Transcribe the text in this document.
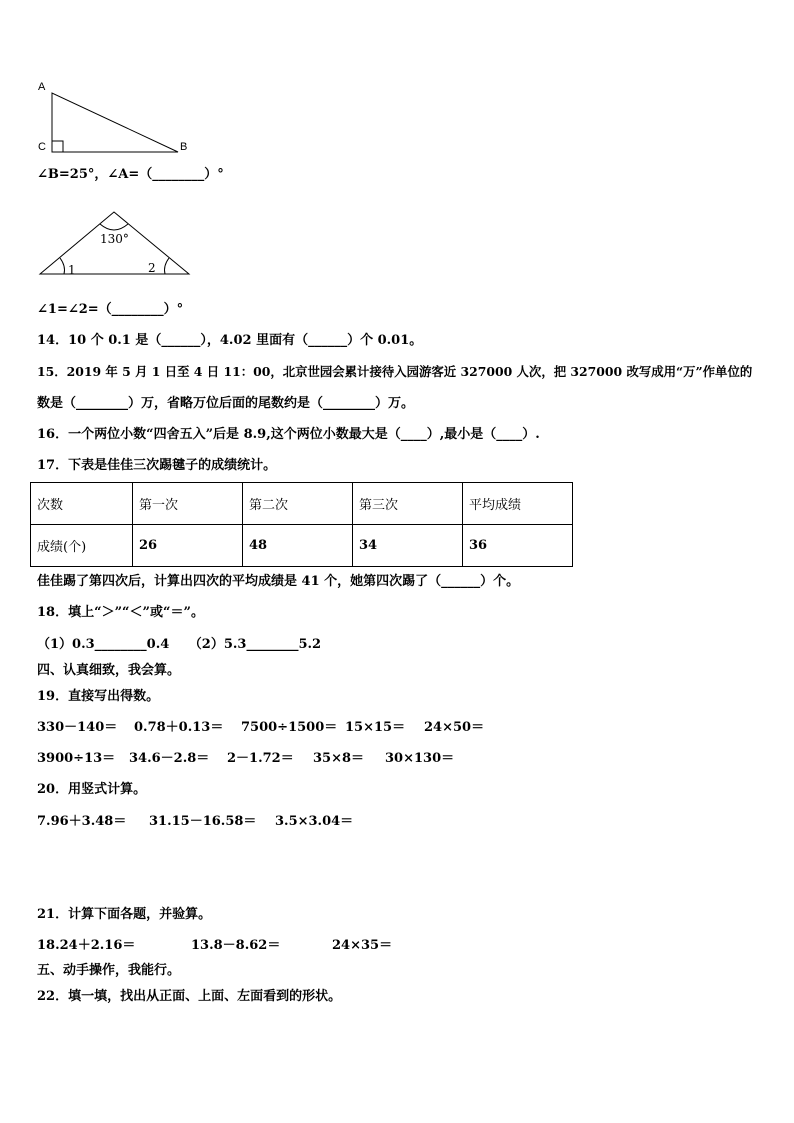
A
C	B
∠B=25°，∠A=（________）°
130°
1	2
∠1=∠2=（________）°
14．10 个 0.1 是（______），4.02 里面有（______）个 0.01。
15．2019 年 5 月 1 日至 4 日 11：00，北京世园会累计接待入园游客近 327000 人次，把 327000 改写成用“万”作单位的
数是（________）万，省略万位后面的尾数约是（________）万。
16．一个两位小数“四舍五入”后是 8.9,这个两位小数最大是（____）,最小是（____）.
17．下表是佳佳三次踢毽子的成绩统计。
次数	第一次	第二次	第三次	平均成绩
成绩(个)	26	48	34	36
佳佳踢了第四次后，计算出四次的平均成绩是 41 个，她第四次踢了（______）个。
18．填上“＞”“＜”或“＝”。
（1）0.3________0.4　　（2）5.3________5.2
四、认真细致，我会算。
19．直接写出得数。
330－140＝ 0.78＋0.13＝ 7500÷1500＝ 15×15＝ 24×50＝
3900÷13＝ 34.6－2.8＝ 2－1.72＝ 35×8＝ 30×130＝
20．用竖式计算。
7.96＋3.48＝ 31.15－16.58＝ 3.5×3.04＝
21．计算下面各题，并验算。
18.24＋2.16＝	13.8－8.62＝	24×35＝
五、动手操作，我能行。
22．填一填，找出从正面、上面、左面看到的形状。
